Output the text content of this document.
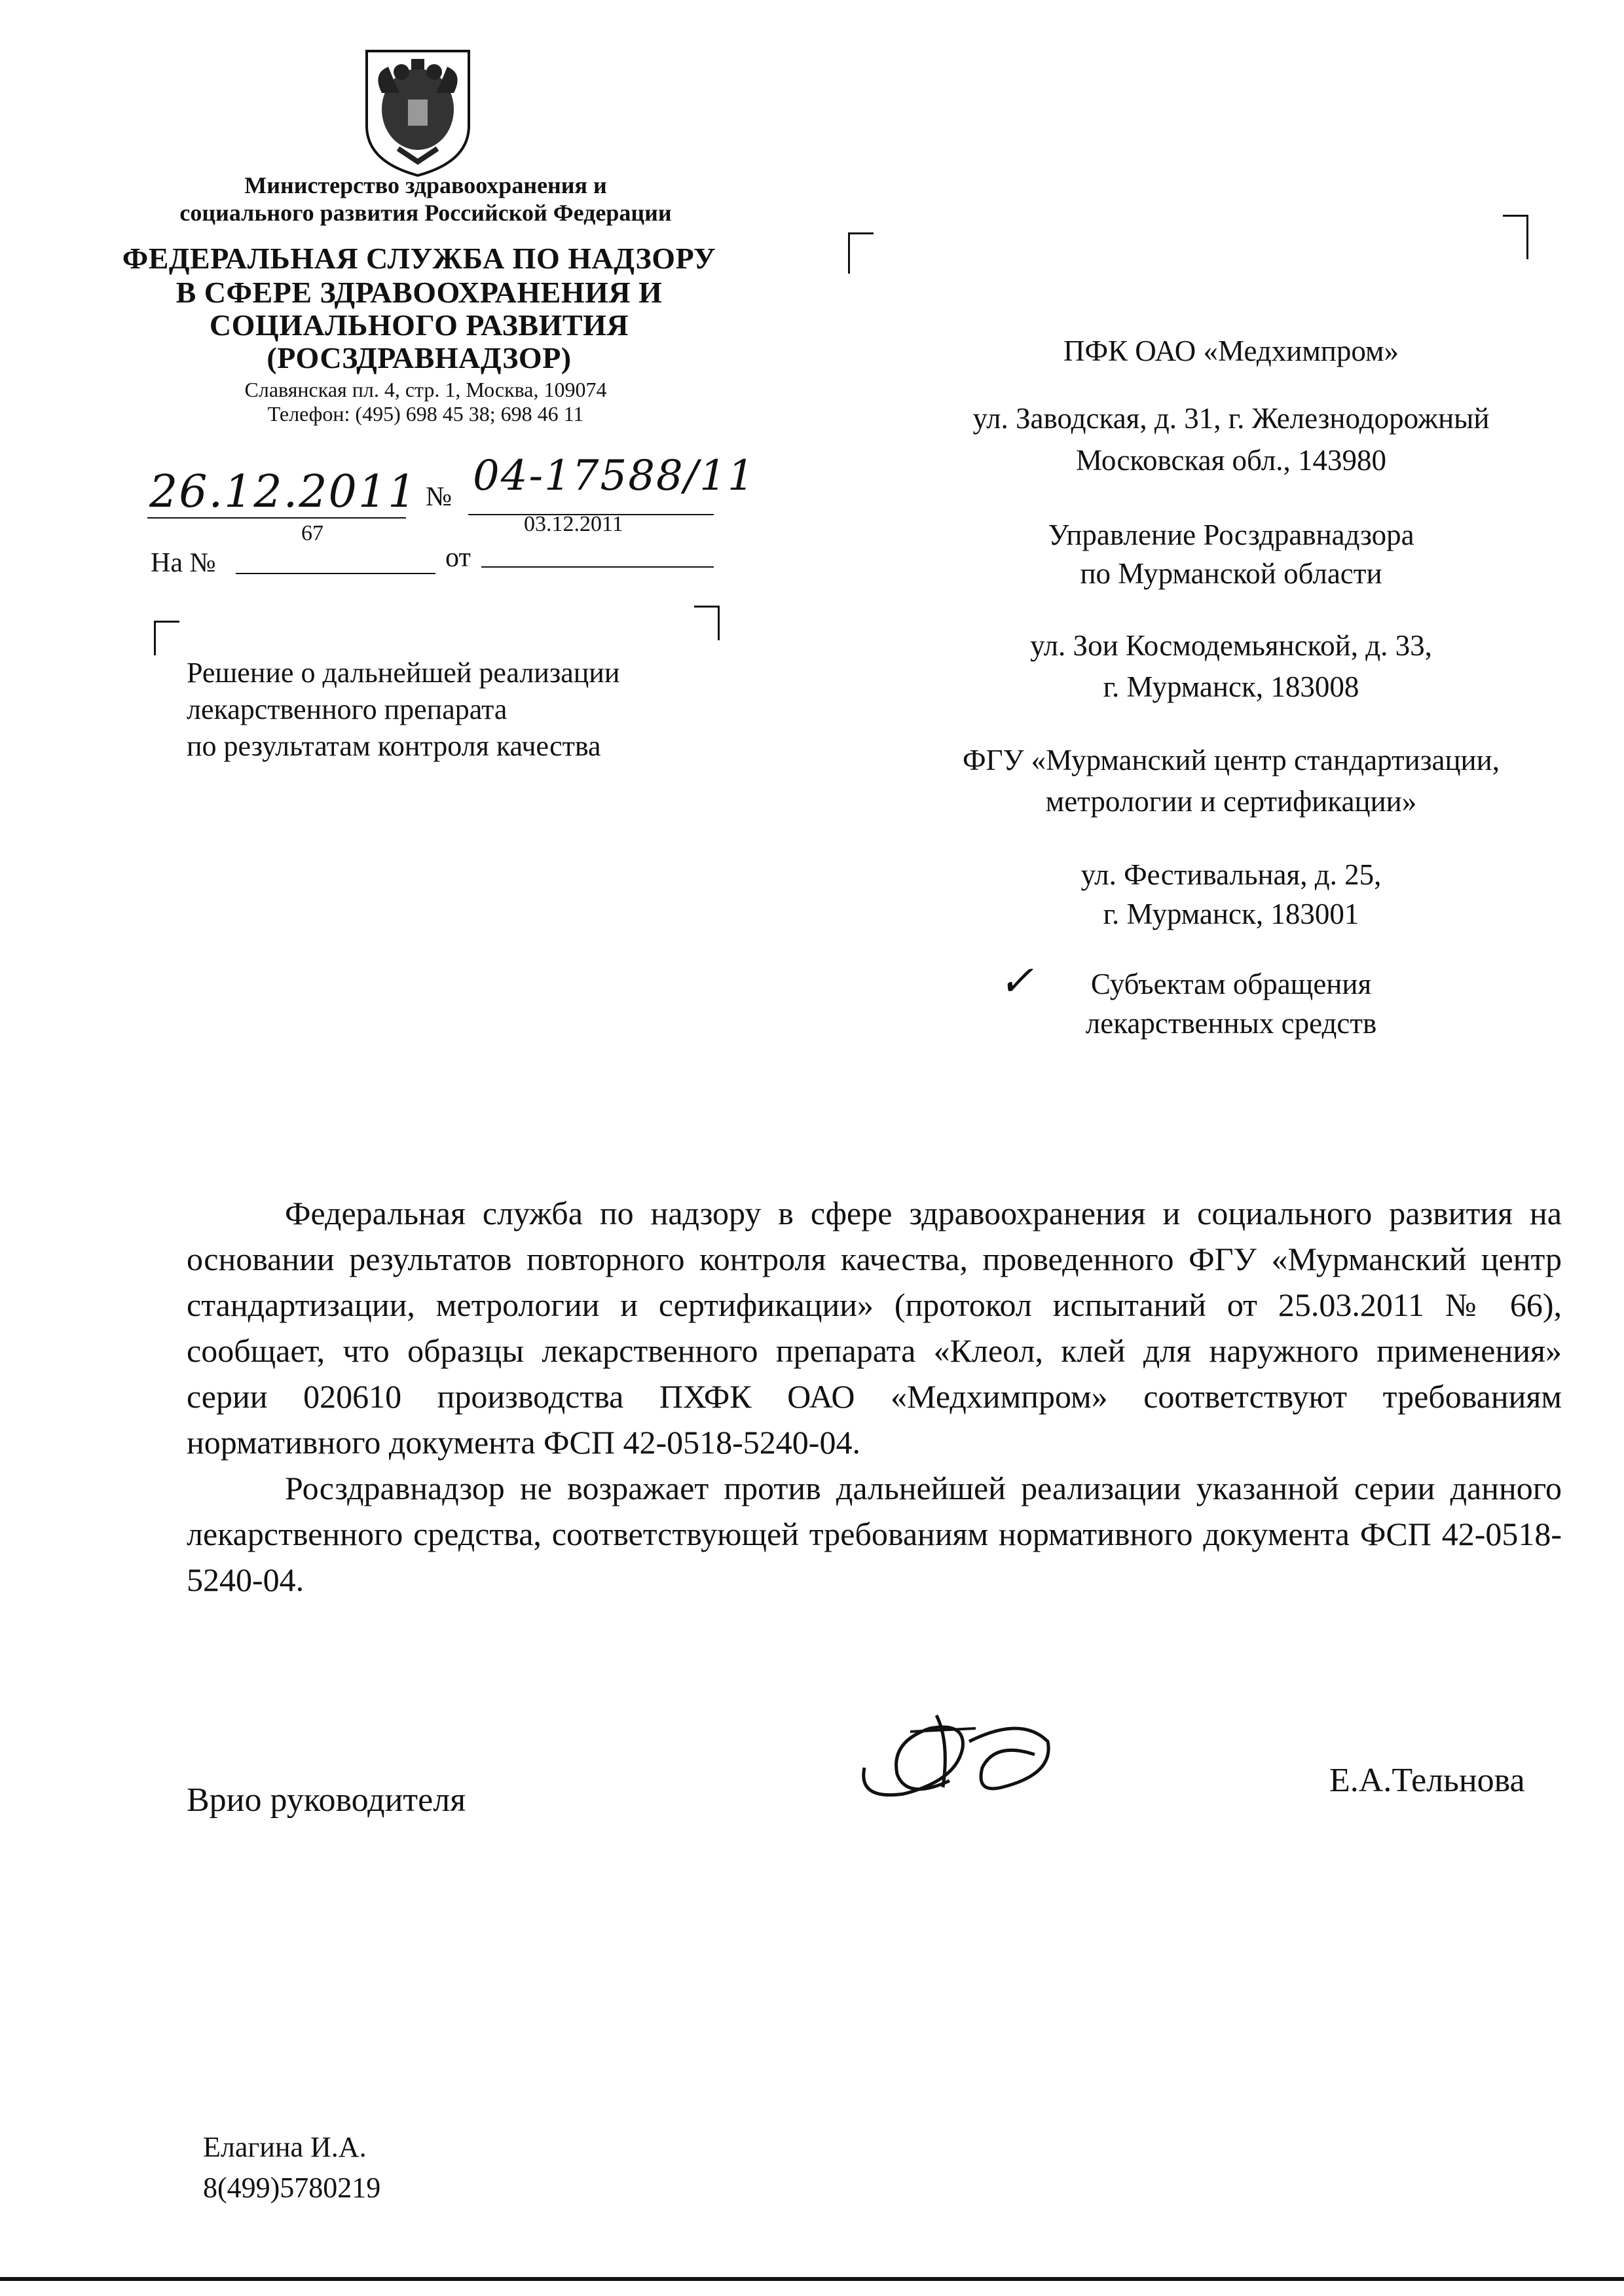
Министерство здравоохранения и
социального развития Российской Федерации
ФЕДЕРАЛЬНАЯ СЛУЖБА ПО НАДЗОРУ
В СФЕРЕ ЗДРАВООХРАНЕНИЯ И
СОЦИАЛЬНОГО РАЗВИТИЯ
(РОСЗДРАВНАДЗОР)
Славянская пл. 4, стр. 1, Москва, 109074
Телефон: (495) 698 45 38; 698 46 11
26.12.2011 № 04-17588/11
67	03.12.2011
На №	от
Решение о дальнейшей реализации
лекарственного препарата
по результатам контроля качества
ПФК ОАО «Медхимпром»
ул. Заводская, д. 31, г. Железнодорожный
Московская обл., 143980
Управление Росздравнадзора
по Мурманской области
ул. Зои Космодемьянской, д. 33,
г. Мурманск, 183008
ФГУ «Мурманский центр стандартизации,
метрологии и сертификации»
ул. Фестивальная, д. 25,
г. Мурманск, 183001
✓	Субъектам обращения
лекарственных средств

Федеральная служба по надзору в сфере здравоохранения и социального развития на основании результатов повторного контроля качества, проведенного ФГУ «Мурманский центр стандартизации, метрологии и сертификации» (протокол испытаний от 25.03.2011 № 66), сообщает, что образцы лекарственного препарата «Клеол, клей для наружного применения» серии 020610 производства ПХФК ОАО «Медхимпром» соответствуют требованиям нормативного документа ФСП 42-0518-5240-04.

Росздравнадзор не возражает против дальнейшей реализации указанной серии данного лекарственного средства, соответствующей требованиям нормативного документа ФСП 42-0518-5240-04.

Врио руководителя
Е.А.Тельнова
Елагина И.А.
8(499)5780219
